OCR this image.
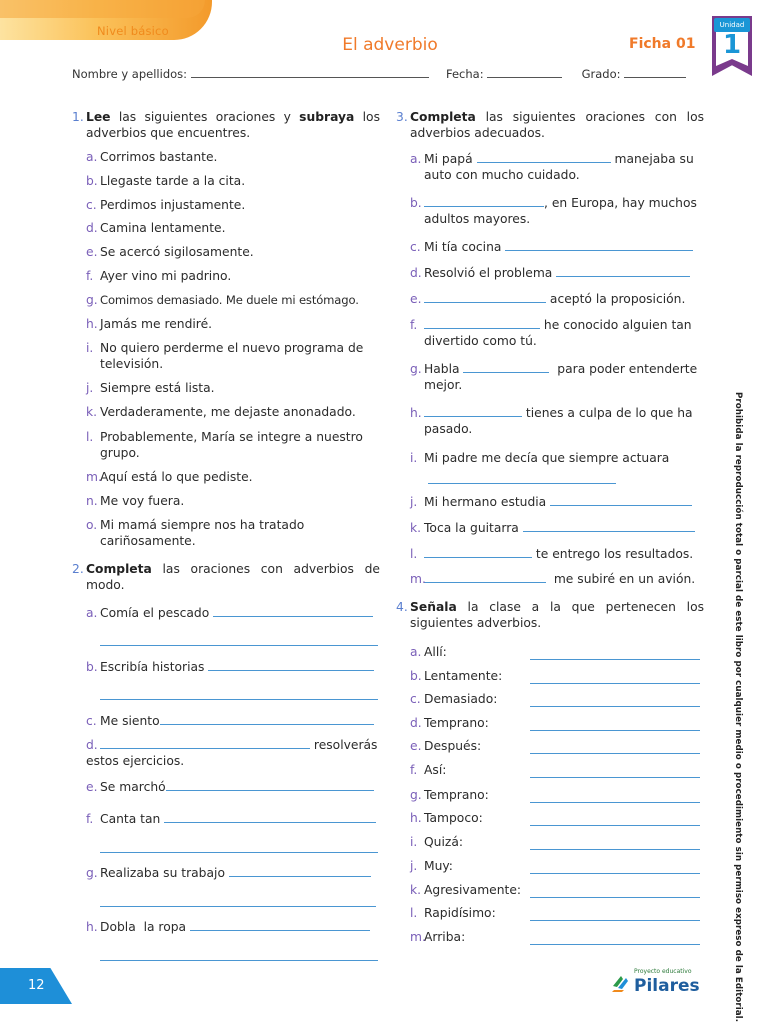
Nivel básico
El adverbio	Ficha 01
Unidad
1
Nombre y apellidos:	Fecha:	Grado:
1. Lee las siguientes oraciones y subraya los adverbios que encuentres.
a. Corrimos bastante.
b. Llegaste tarde a la cita.
c. Perdimos injustamente.
d. Camina lentamente.
e. Se acercó sigilosamente.
f. Ayer vino mi padrino.
g. Comimos demasiado. Me duele mi estómago.
h. Jamás me rendiré.
i. No quiero perderme el nuevo programa de televisión.
j. Siempre está lista.
k. Verdaderamente, me dejaste anonadado.
l. Probablemente, María se integre a nuestro grupo.
m.
Aquí está lo que pediste.
n. Me voy fuera.
o. Mi mamá siempre nos ha tratado cariñosamente.
2. Completa las oraciones con adverbios de modo.
a. Comía el pescado
b. Escribía historias
c. Me siento
d.	resolverás
estos ejercicios.
e. Se marchó
f. Canta tan
g. Realizaba su trabajo
h. Dobla  la ropa
3. Completa las siguientes oraciones con los adverbios adecuados.
a. Mi papá	manejaba su
auto con mucho cuidado.
b.	, en Europa, hay muchos
adultos mayores.
c. Mi tía cocina
d. Resolvió el problema
e.	aceptó la proposición.
f.	he conocido alguien tan
divertido como tú.
g. Habla	para poder entenderte
mejor.
h.	tienes a culpa de lo que ha
pasado.
i. Mi padre me decía que siempre actuara
j. Mi hermano estudia
k. Toca la guitarra
l.	te entrego los resultados.
m.	me subiré en un avión.
4. Señala la clase a la que pertenecen los siguientes adverbios.
a. Allí:
b. Lentamente:
c. Demasiado:
d. Temprano:
e. Después:
f. Así:
g. Temprano:
h. Tampoco:
i. Quizá:
j. Muy:
k. Agresivamente:
l. Rapidísimo:
m.
Arriba:	Prohibida la reproducción total o parcial de este libro por cualquier medio o procedimiento sin permiso expreso de la Editorial.
12
Proyecto educativo
Pilares
